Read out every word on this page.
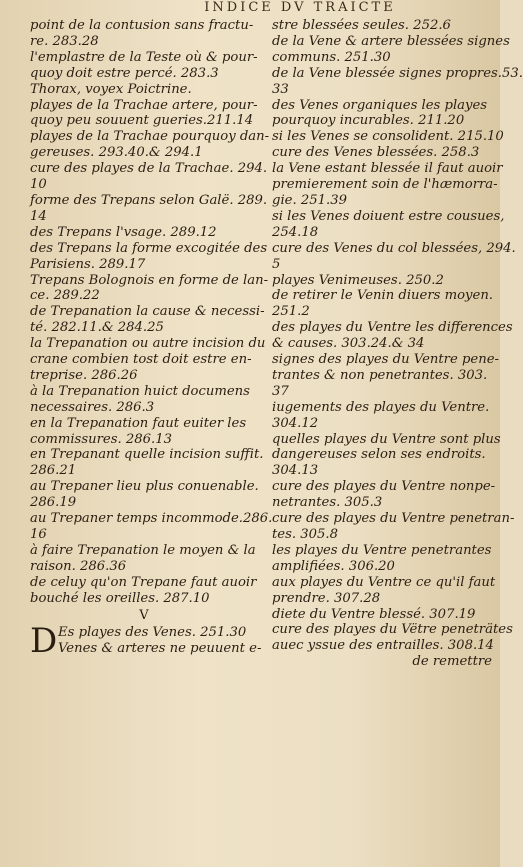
INDICE DV TRAICTE
point de la contusion sans fractu-
re. 283.28
l'emplastre de la Teste où & pour-
quoy doit estre percé. 283.3
Thorax, voyex Poictrine.
playes de la Trachae artere, pour-
quoy peu souuent gueries.211.14
playes de la Trachae pourquoy dan-
gereuses. 293.40.& 294.1
cure des playes de la Trachae. 294.
10
forme des Trepans selon Galë. 289.
14
des Trepans l'vsage. 289.12
des Trepans la forme excogitée des
Parisiens. 289.17
Trepans Bolognois en forme de lan-
ce. 289.22
de Trepanation la cause & necessi-
té. 282.11.& 284.25
la Trepanation ou autre incision du
crane combien tost doit estre en-
treprise. 286.26
à la Trepanation huict documens
necessaires. 286.3
en la Trepanation faut euiter les
commissures. 286.13
en Trepanant quelle incision suffit.
286.21
au Trepaner lieu plus conuenable.
286.19
au Trepaner temps incommode.286.
16
à faire Trepanation le moyen & la
raison. 286.36
de celuy qu'on Trepane faut auoir
bouché les oreilles. 287.10
V
D Es playes des Venes. 251.30
Venes & arteres ne peuuent e-
stre blessées seules. 252.6
de la Vene & artere blessées signes
communs. 251.30
de la Vene blessée signes propres.53.
33
des Venes organiques les playes
pourquoy incurables. 211.20
si les Venes se consolident. 215.10
cure des Venes blessées. 258.3
la Vene estant blessée il faut auoir
premierement soin de l'hæmorra-
gie. 251.39
si les Venes doiuent estre cousues,
254.18
cure des Venes du col blessées, 294.
5
playes Venimeuses. 250.2
de retirer le Venin diuers moyen.
251.2
des playes du Ventre les differences
& causes. 303.24.& 34
signes des playes du Ventre pene-
trantes & non penetrantes. 303.
37
iugements des playes du Ventre.
304.12
quelles playes du Ventre sont plus
dangereuses selon ses endroits.
304.13
cure des playes du Ventre nonpe-
netrantes. 305.3
cure des playes du Ventre penetran-
tes. 305.8
les playes du Ventre penetrantes
amplifiées. 306.20
aux playes du Ventre ce qu'il faut
prendre. 307.28
diete du Ventre blessé. 307.19
cure des playes du Vëtre peneträtes
auec yssue des entrailles. 308.14
de remettre
